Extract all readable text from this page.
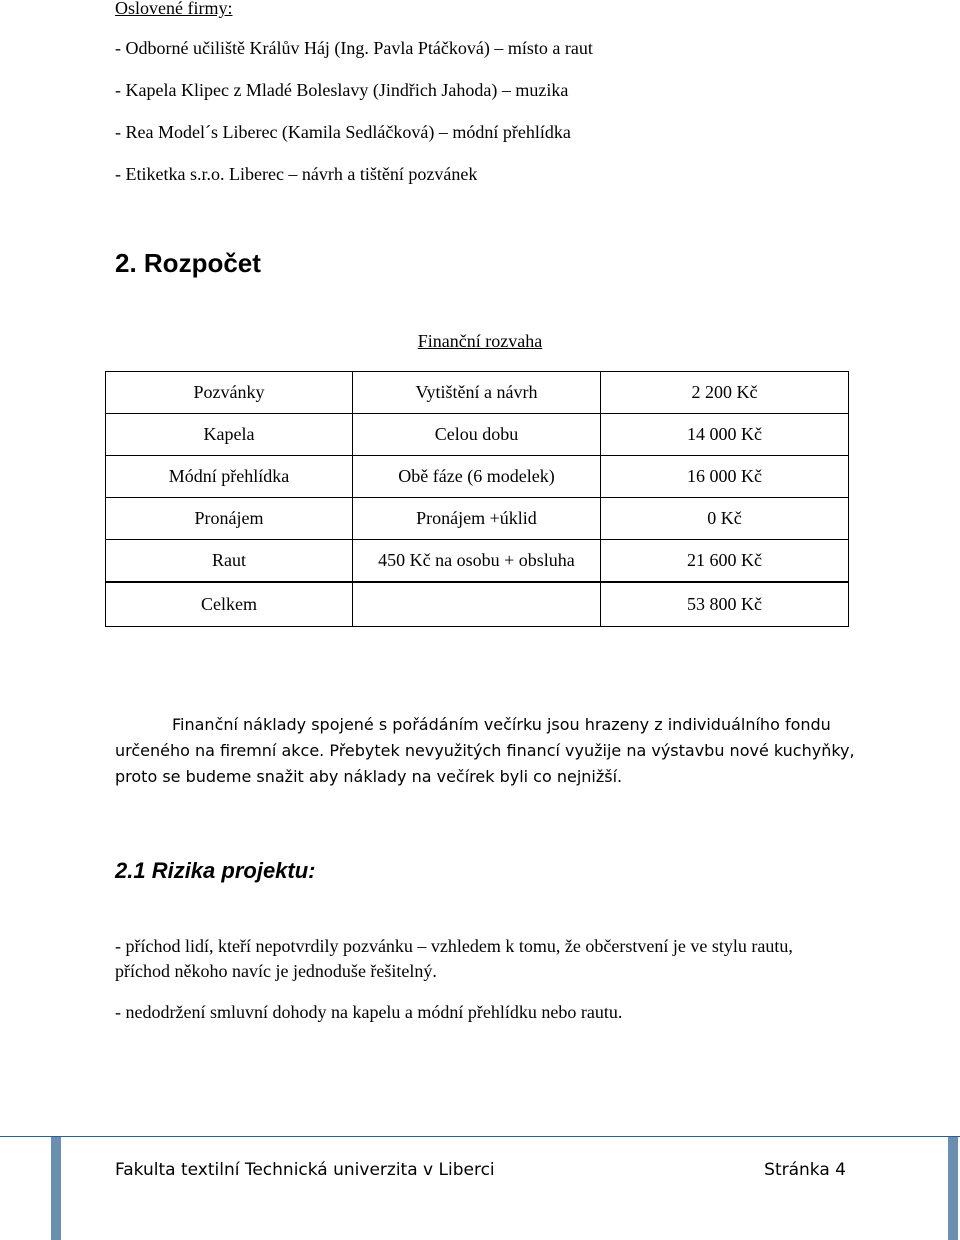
Oslovené firmy:
- Odborné učiliště Králův Háj (Ing. Pavla Ptáčková) – místo a raut
- Kapela Klipec z Mladé Boleslavy (Jindřich Jahoda) – muzika
- Rea Model´s Liberec (Kamila Sedláčková) – módní přehlídka
- Etiketka s.r.o. Liberec – návrh a tištění pozvánek
2. Rozpočet
Finanční rozvaha
Pozvánky	Vytištění a návrh	2 200 Kč
Kapela	Celou dobu	14 000 Kč
Módní přehlídka	Obě fáze (6 modelek)	16 000 Kč
Pronájem	Pronájem +úklid	0 Kč
Raut	450 Kč na osobu + obsluha	21 600 Kč
Celkem		53 800 Kč
Finanční náklady spojené s pořádáním večírku jsou hrazeny z individuálního fondu určeného na firemní akce. Přebytek nevyužitých financí využije na výstavbu nové kuchyňky, proto se budeme snažit aby náklady na večírek byli co nejnižší.
2.1 Rizika projektu:
- příchod lidí, kteří nepotvrdily pozvánku – vzhledem k tomu, že občerstvení je ve stylu rautu,
příchod někoho navíc je jednoduše řešitelný.
- nedodržení smluvní dohody na kapelu a módní přehlídku nebo rautu.
Fakulta textilní Technická univerzita v Liberci	Stránka 4
